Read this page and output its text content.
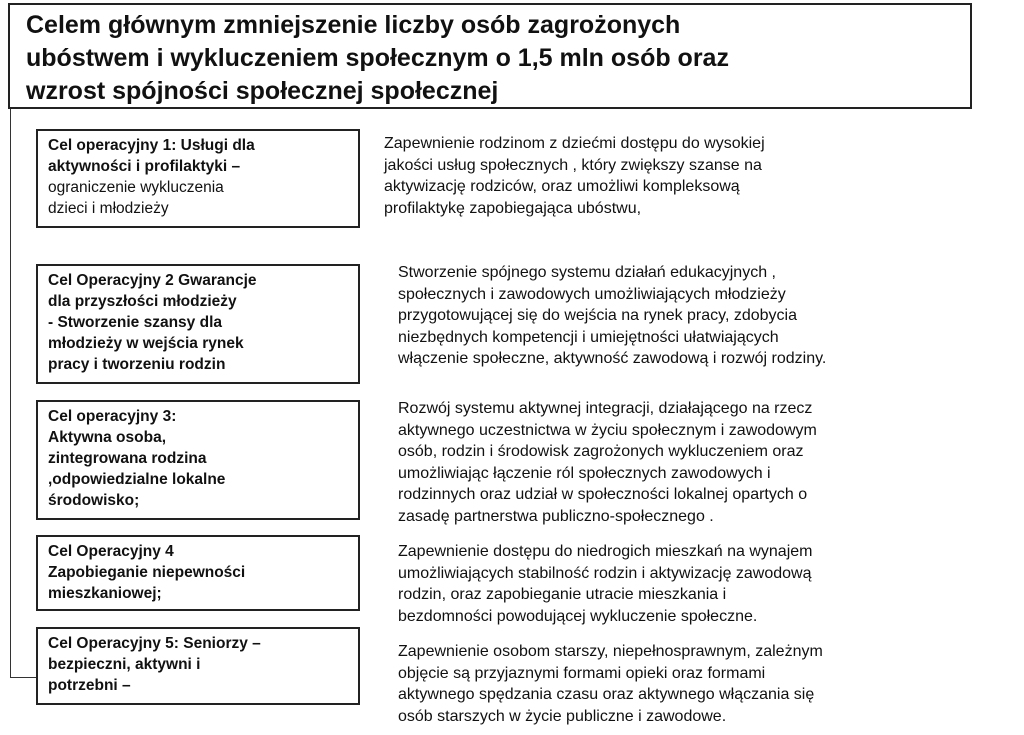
Celem głównym zmniejszenie liczby osób zagrożonych
ubóstwem i wykluczeniem społecznym o 1,5 mln osób oraz
wzrost spójności społecznej społecznej
Cel operacyjny 1: Usługi dla
aktywności i profilaktyki –
ograniczenie wykluczenia
dzieci i młodzieży
Zapewnienie rodzinom z dziećmi dostępu do wysokiej
jakości usług społecznych , który zwiększy szanse na
aktywizację rodziców, oraz umożliwi kompleksową
profilaktykę zapobiegająca ubóstwu,
Cel Operacyjny 2 Gwarancje
dla przyszłości młodzieży
- Stworzenie szansy dla
młodzieży w wejścia rynek
pracy i tworzeniu rodzin
Stworzenie spójnego systemu działań edukacyjnych ,
społecznych i zawodowych umożliwiających młodzieży
przygotowującej się do wejścia na rynek pracy, zdobycia
niezbędnych kompetencji i umiejętności ułatwiających
włączenie społeczne, aktywność zawodową i rozwój rodziny.
Cel operacyjny 3:
Aktywna osoba,
zintegrowana rodzina
,odpowiedzialne lokalne
środowisko;
Rozwój systemu aktywnej integracji, działającego na rzecz
aktywnego uczestnictwa w życiu społecznym i zawodowym
osób, rodzin i środowisk zagrożonych wykluczeniem oraz
umożliwiając łączenie ról społecznych zawodowych i
rodzinnych oraz udział w społeczności lokalnej opartych o
zasadę partnerstwa publiczno-społecznego .
Cel Operacyjny 4
Zapobieganie niepewności
mieszkaniowej;
Zapewnienie dostępu do niedrogich mieszkań na wynajem
umożliwiających stabilność rodzin i aktywizację zawodową
rodzin, oraz zapobieganie utracie mieszkania i
bezdomności powodującej wykluczenie społeczne.
Cel Operacyjny 5: Seniorzy –
bezpieczni, aktywni i
potrzebni –
Zapewnienie osobom starszy, niepełnosprawnym, zależnym
objęcie są przyjaznymi formami opieki oraz formami
aktywnego spędzania czasu oraz aktywnego włączania się
osób starszych w życie publiczne i zawodowe.
